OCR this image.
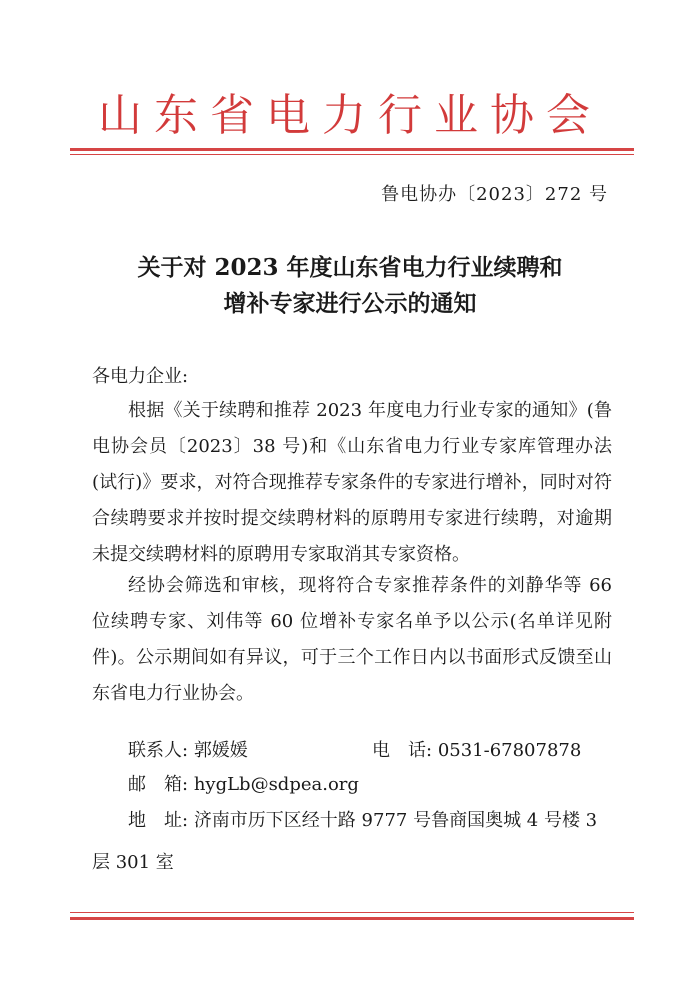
山东省电力行业协会
鲁电协办〔2023〕272 号
关于对 2023 年度山东省电力行业续聘和
增补专家进行公示的通知
各电力企业:

根据《关于续聘和推荐 2023 年度电力行业专家的通知》(鲁电协会员〔2023〕38 号)和《山东省电力行业专家库管理办法(试行)》要求，对符合现推荐专家条件的专家进行增补，同时对符合续聘要求并按时提交续聘材料的原聘用专家进行续聘，对逾期未提交续聘材料的原聘用专家取消其专家资格。

经协会筛选和审核，现将符合专家推荐条件的刘静华等 66 位续聘专家、刘伟等 60 位增补专家名单予以公示(名单详见附件)。公示期间如有异议，可于三个工作日内以书面形式反馈至山东省电力行业协会。

联系人: 郭媛媛	电　话: 0531-67807878
邮　箱: hygLb@sdpea.org
地　址: 济南市历下区经十路 9777 号鲁商国奥城 4 号楼 3 层 301 室
